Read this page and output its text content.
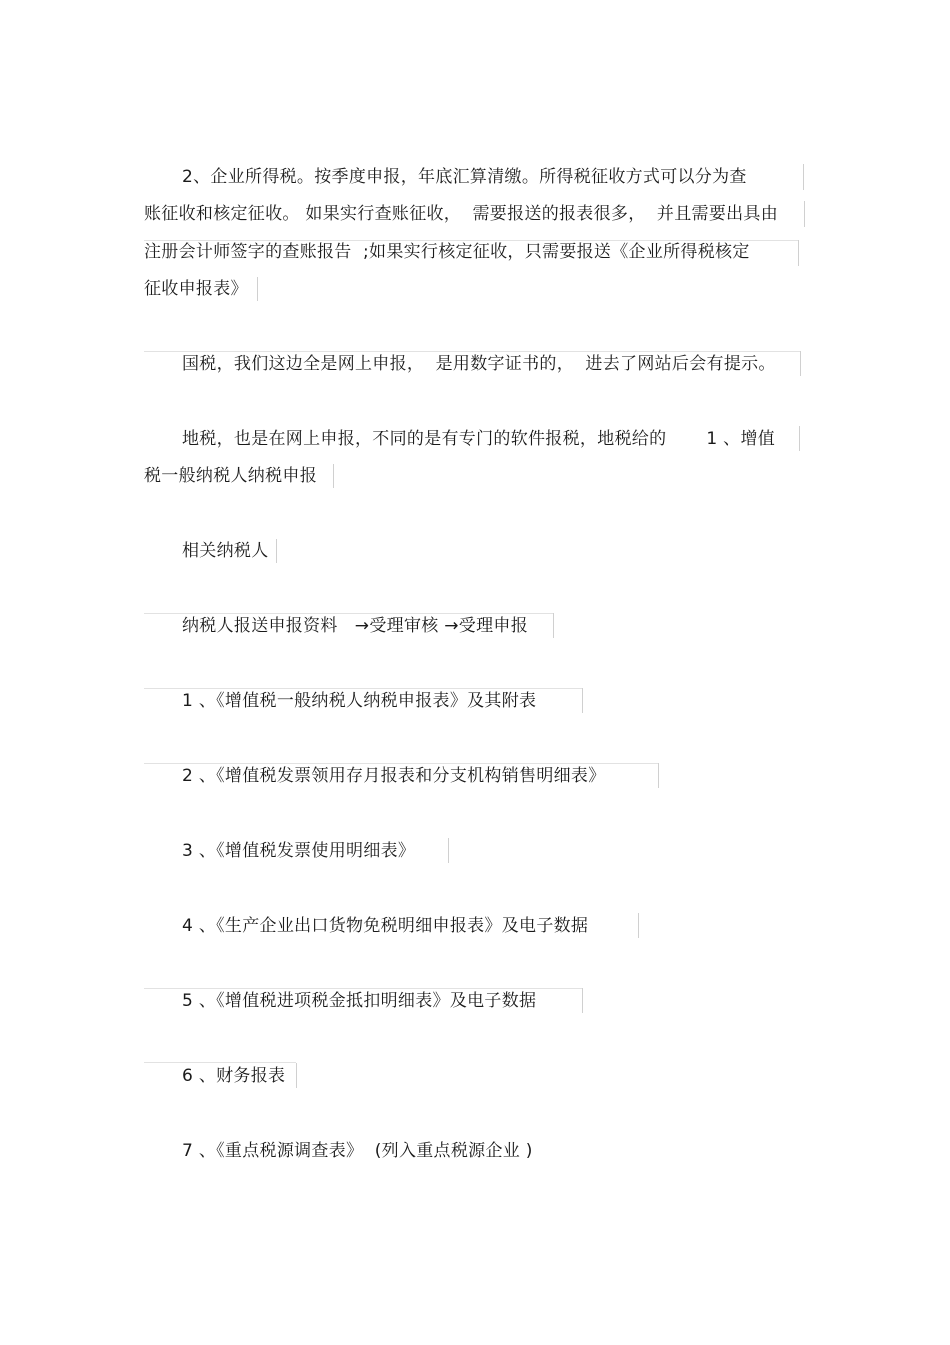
2、企业所得税。按季度申报，年底汇算清缴。所得税征收方式可以分为查
账征收和核定征收。 如果实行查账征收，  需要报送的报表很多，  并且需要出具由
注册会计师签字的查账报告  ;如果实行核定征收，只需要报送《企业所得税核定
征收申报表》
国税，我们这边全是网上申报，  是用数字证书的，  进去了网站后会有提示。
地税，也是在网上申报，不同的是有专门的软件报税，地税给的       1 、增值
税一般纳税人纳税申报
相关纳税人
纳税人报送申报资料   →受理审核 →受理申报
1 、《增值税一般纳税人纳税申报表》及其附表
2 、《增值税发票领用存月报表和分支机构销售明细表》
3 、《增值税发票使用明细表》
4 、《生产企业出口货物免税明细申报表》及电子数据
5 、《增值税进项税金抵扣明细表》及电子数据
6 、财务报表
7 、《重点税源调查表》  (列入重点税源企业 )
